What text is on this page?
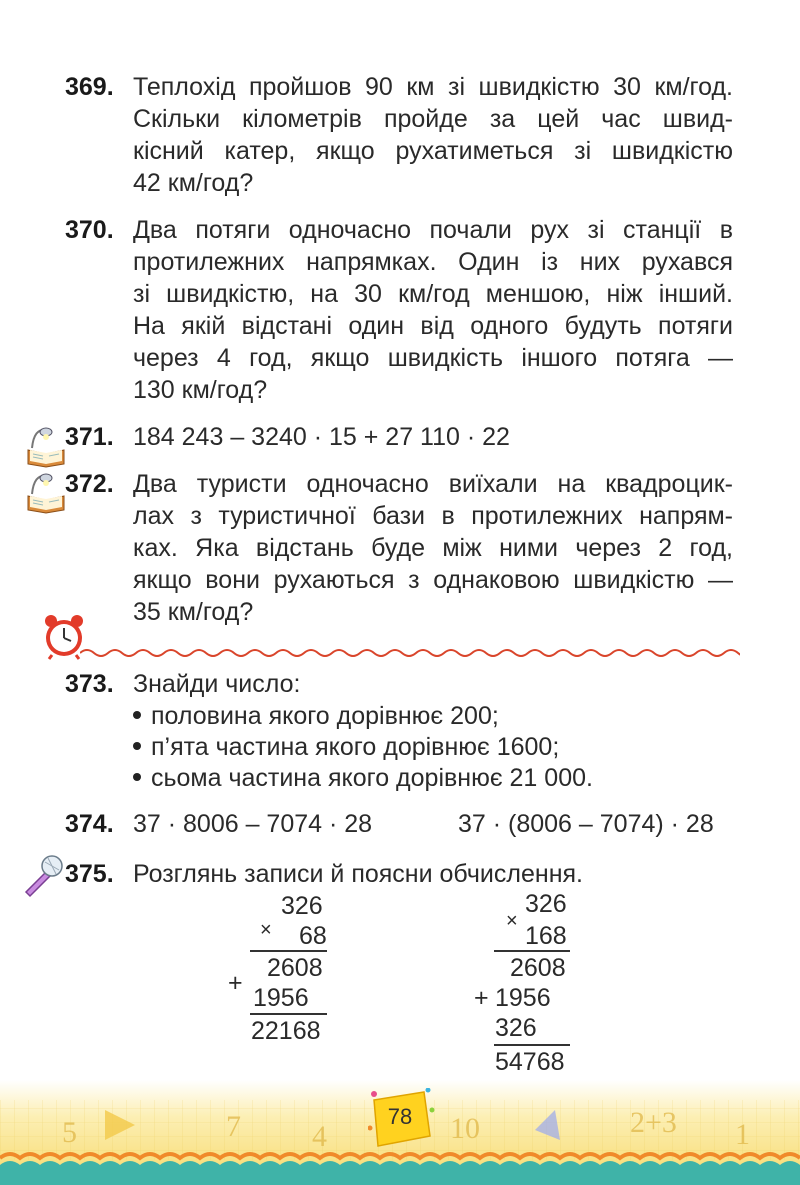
369. Теплохід пройшов 90 км зі швидкістю 30 км/год.
Скільки кілометрів пройде за цей час швид-
кісний катер, якщо рухатиметься зі швидкістю
42 км/год?
370. Два потяги одночасно почали рух зі станції в
протилежних напрямках. Один із них рухався
зі швидкістю, на 30 км/год меншою, ніж інший.
На якій відстані один від одного будуть потяги
через 4 год, якщо швидкість іншого потяга —
130 км/год?
371. 184 243 – 3240 · 15 + 27 110 · 22
372. Два туристи одночасно виїхали на квадроцик-
лах з туристичної бази в протилежних напрям-
ках. Яка відстань буде між ними через 2 год,
якщо вони рухаються з однаковою швидкістю —
35 км/год?
373. Знайди число:
половина якого дорівнює 200;
п’ята частина якого дорівнює 1600;
сьома частина якого дорівнює 21 000.
374. 37 · 8006 – 7074 · 28	37 · (8006 – 7074) · 28
375. Розглянь записи й поясни обчислення.
×
326
68
2608
+
1956
22168
×
326
168
2608
+ 1956
326
54768
5	7 4	10	2+3 1
78
